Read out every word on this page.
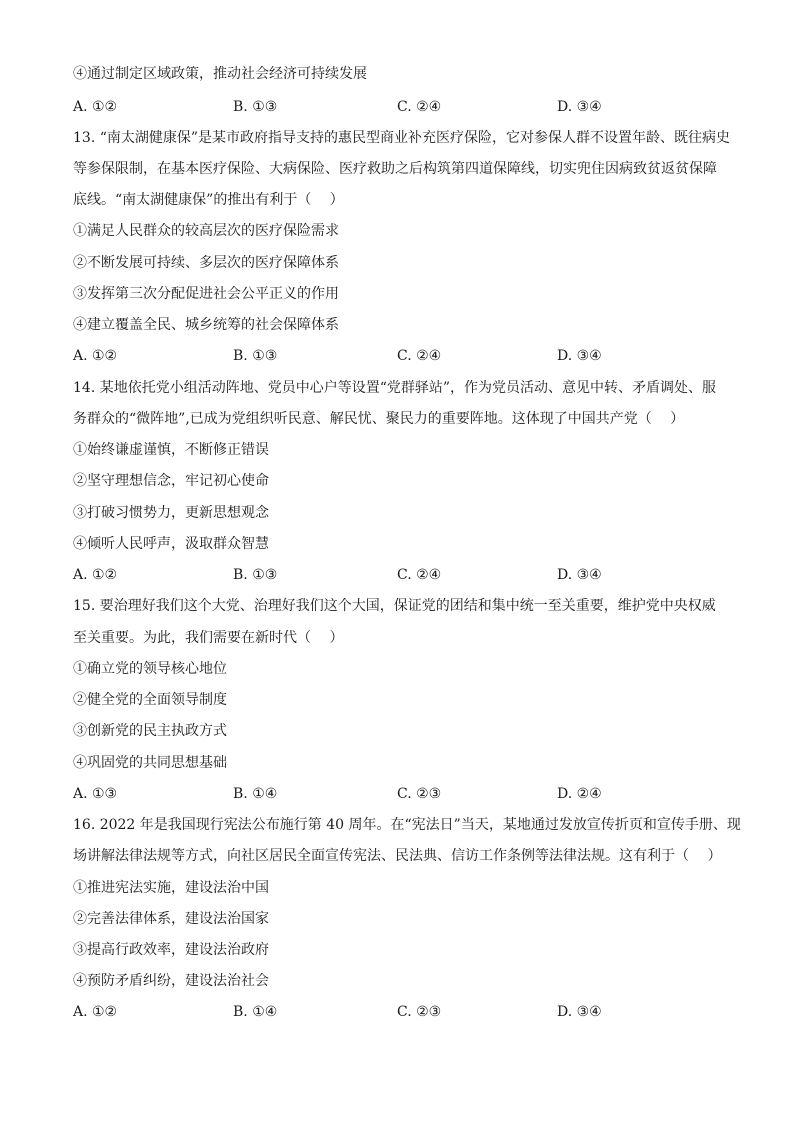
④通过制定区域政策，推动社会经济可持续发展
A. ①②	B. ①③	C. ②④	D. ③④
13. “南太湖健康保”是某市政府指导支持的惠民型商业补充医疗保险，它对参保人群不设置年龄、既往病史
等参保限制，在基本医疗保险、大病保险、医疗救助之后构筑第四道保障线，切实兜住因病致贫返贫保障
底线。“南太湖健康保”的推出有利于（　 ）
①满足人民群众的较高层次的医疗保险需求
②不断发展可持续、多层次的医疗保障体系
③发挥第三次分配促进社会公平正义的作用
④建立覆盖全民、城乡统筹的社会保障体系
A. ①②	B. ①③	C. ②④	D. ③④
14. 某地依托党小组活动阵地、党员中心户等设置“党群驿站”，作为党员活动、意见中转、矛盾调处、服
务群众的“微阵地”,已成为党组织听民意、解民忧、聚民力的重要阵地。这体现了中国共产党（　 ）
①始终谦虚谨慎，不断修正错误
②坚守理想信念，牢记初心使命
③打破习惯势力，更新思想观念
④倾听人民呼声，汲取群众智慧
A. ①②	B. ①③	C. ②④	D. ③④
15. 要治理好我们这个大党、治理好我们这个大国，保证党的团结和集中统一至关重要，维护党中央权威
至关重要。为此，我们需要在新时代（　 ）
①确立党的领导核心地位
②健全党的全面领导制度
③创新党的民主执政方式
④巩固党的共同思想基础
A. ①③	B. ①④	C. ②③	D. ②④
16. 2022 年是我国现行宪法公布施行第 40 周年。在“宪法日”当天，某地通过发放宣传折页和宣传手册、现
场讲解法律法规等方式，向社区居民全面宣传宪法、民法典、信访工作条例等法律法规。这有利于（　 ）
①推进宪法实施，建设法治中国
②完善法律体系，建设法治国家
③提高行政效率，建设法治政府
④预防矛盾纠纷，建设法治社会
A. ①②	B. ①④	C. ②③	D. ③④
